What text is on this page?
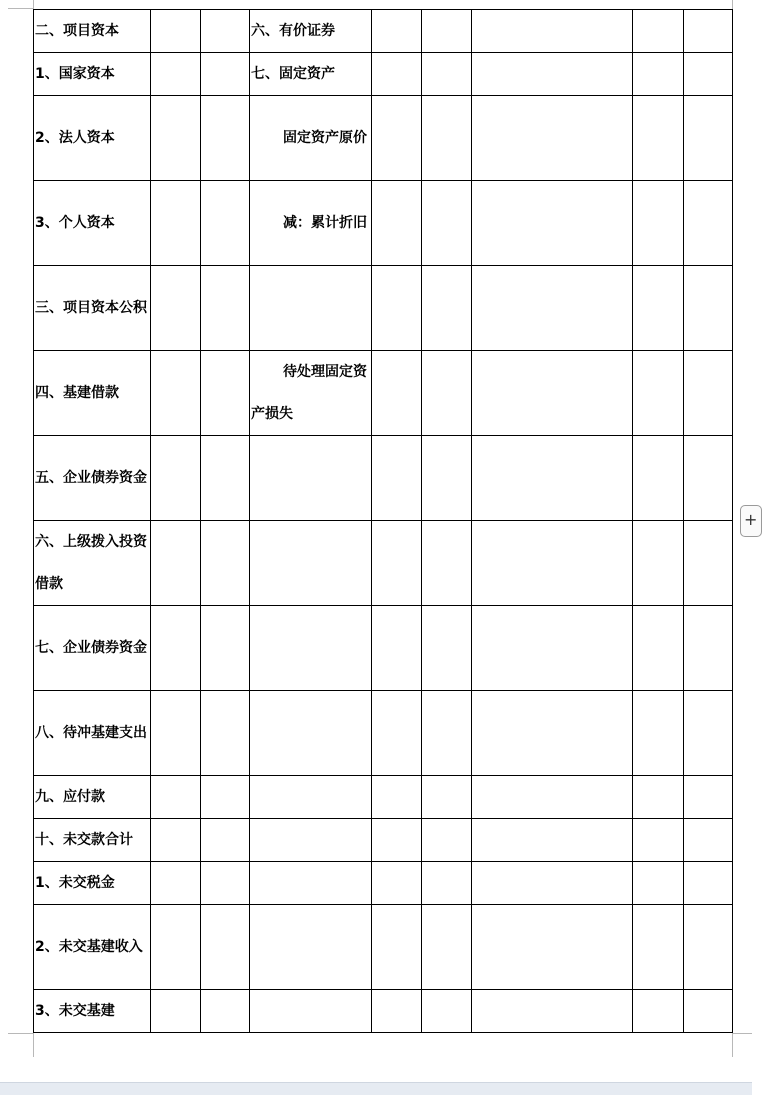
二、项目资本			六、有价证券					
1、国家资本			七、固定资产					
2、法人资本			固定资产原价					
3、个人资本			减：累计折旧					
三、项目资本公积								
四、基建借款			待处理固定资产损失					
五、企业债券资金								
六、上级拨入投资借款								
七、企业债券资金								
八、待冲基建支出								
九、应付款								
十、未交款合计								
1、未交税金								
2、未交基建收入								
3、未交基建								
+
